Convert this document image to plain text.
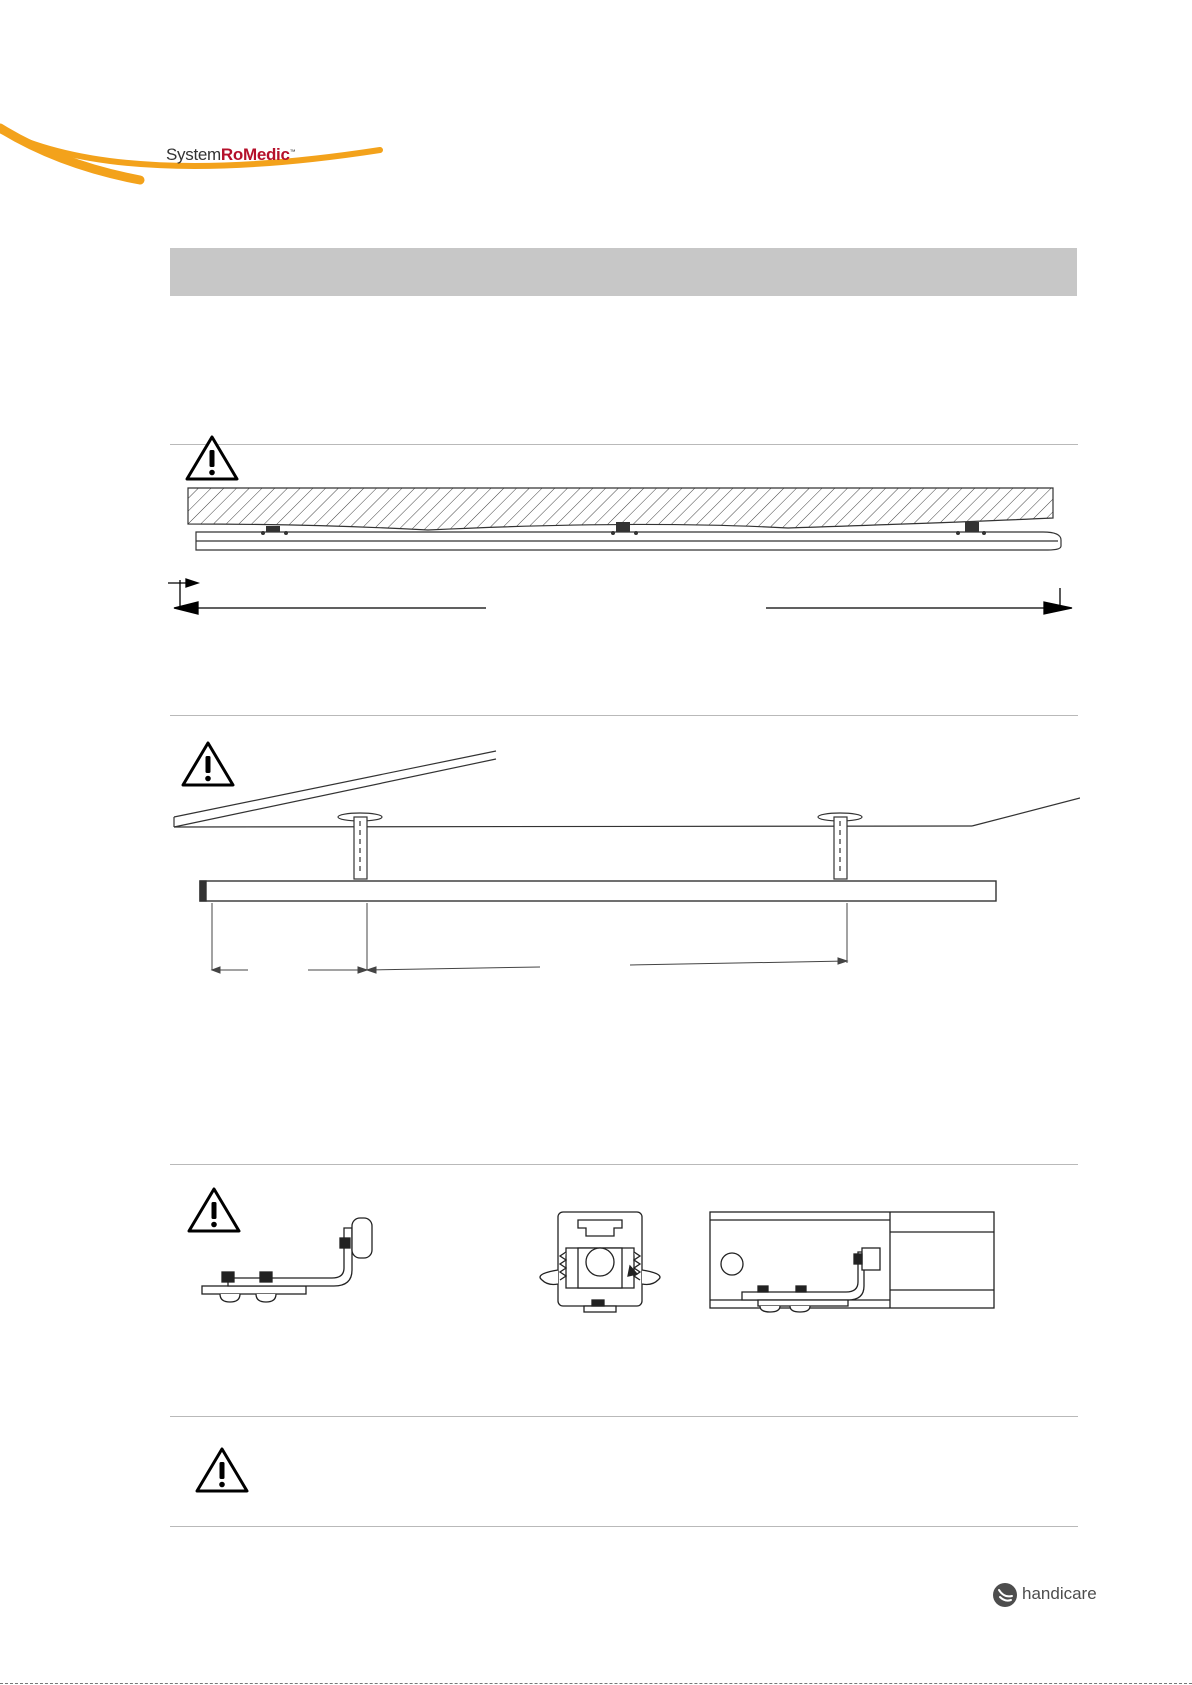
SystemRoMedic™
handicare
